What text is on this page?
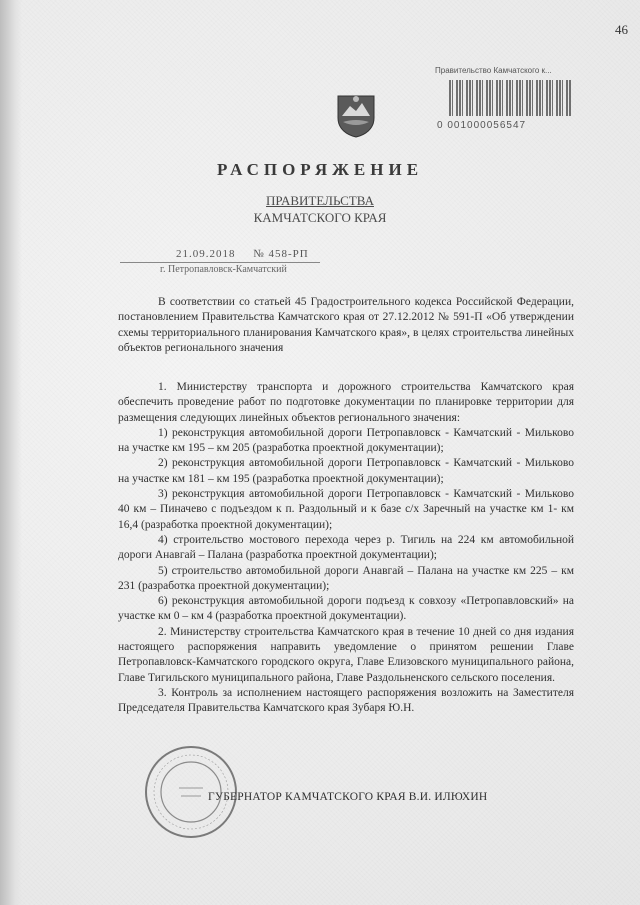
46
Правительство Камчатского к...
0 001000056547
РАСПОРЯЖЕНИЕ
ПРАВИТЕЛЬСТВА
КАМЧАТСКОГО КРАЯ
21.09.2018 № 458-РП
г. Петропавловск-Камчатский

В соответствии со статьей 45 Градостроительного кодекса Российской Федерации, постановлением Правительства Камчатского края от 27.12.2012 № 591-П «Об утверждении схемы территориального планирования Камчатского края», в целях строительства линейных объектов регионального значения

1. Министерству транспорта и дорожного строительства Камчатского края обеспечить проведение работ по подготовке документации по планировке территории для размещения следующих линейных объектов регионального значения:

1) реконструкция автомобильной дороги Петропавловск - Камчатский - Мильково на участке км 195 – км 205 (разработка проектной документации);

2) реконструкция автомобильной дороги Петропавловск - Камчатский - Мильково на участке км 181 – км 195 (разработка проектной документации);

3) реконструкция автомобильной дороги Петропавловск - Камчатский - Мильково 40 км – Пиначево с подъездом к п. Раздольный и к базе с/х Заречный на участке км 1- км 16,4 (разработка проектной документации);

4) строительство мостового перехода через р. Тигиль на 224 км автомобильной дороги Анавгай – Палана (разработка проектной документации);

5) строительство автомобильной дороги Анавгай – Палана на участке км 225 – км 231 (разработка проектной документации);

6) реконструкция автомобильной дороги подъезд к совхозу «Петропавловский» на участке км 0 – км 4 (разработка проектной документации).

2. Министерству строительства Камчатского края в течение 10 дней со дня издания настоящего распоряжения направить уведомление о принятом решении Главе Петропавловск-Камчатского городского округа, Главе Елизовского муниципального района, Главе Тигильского муниципального района, Главе Раздольненского сельского поселения.

3. Контроль за исполнением настоящего распоряжения возложить на Заместителя Председателя Правительства Камчатского края Зубаря Ю.Н.

ГУБЕРНАТОР КАМЧАТСКОГО КРАЯ В.И. ИЛЮХИН
